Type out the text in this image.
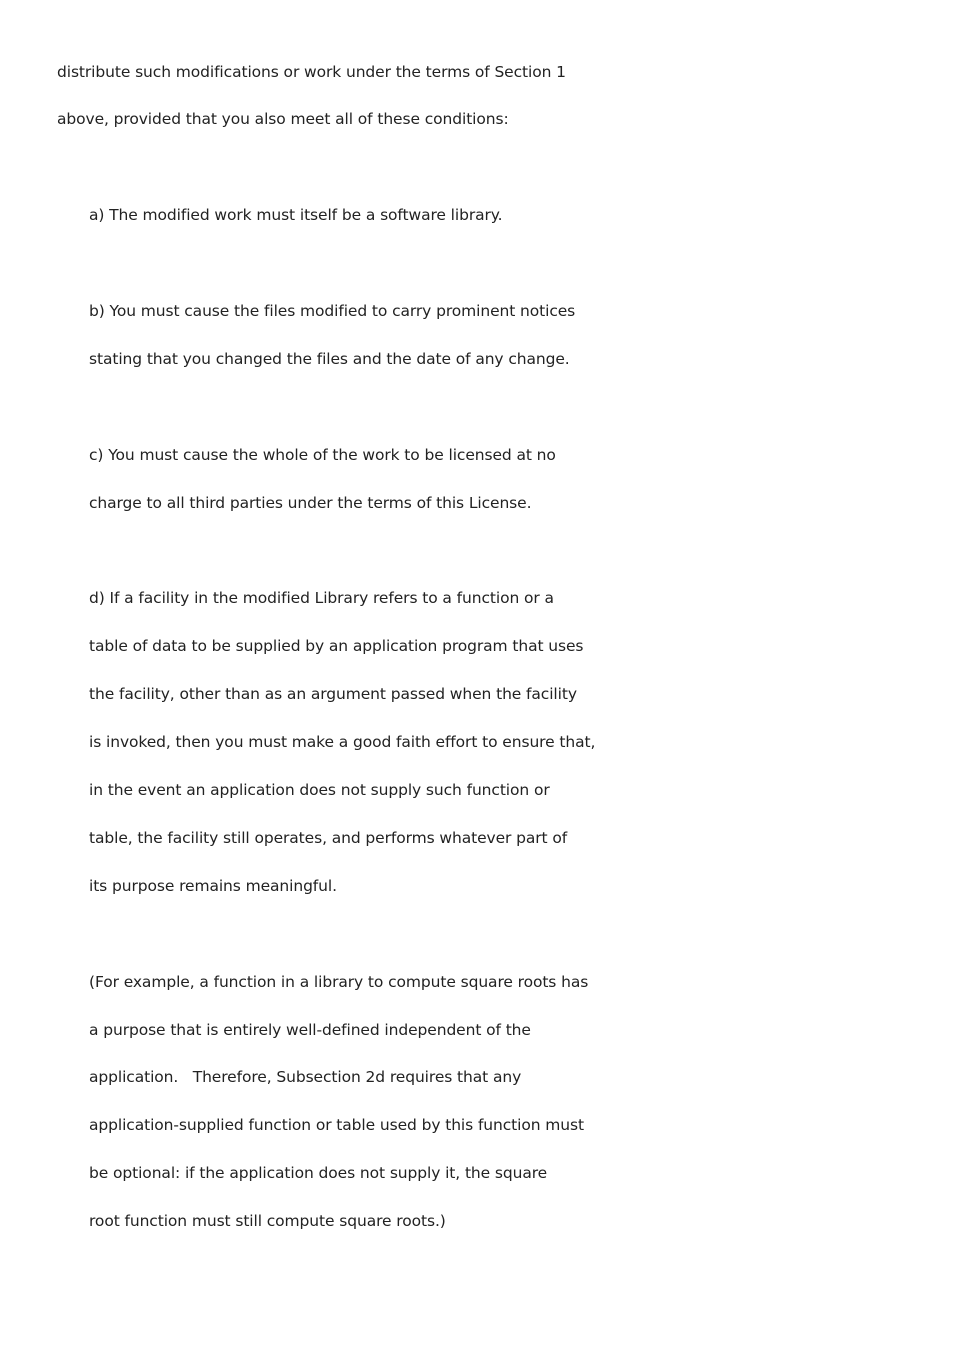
distribute such modifications or work under the terms of Section 1
above, provided that you also meet all of these conditions:
a) The modified work must itself be a software library.
b) You must cause the files modified to carry prominent notices
stating that you changed the files and the date of any change.
c) You must cause the whole of the work to be licensed at no
charge to all third parties under the terms of this License.
d) If a facility in the modified Library refers to a function or a
table of data to be supplied by an application program that uses
the facility, other than as an argument passed when the facility
is invoked, then you must make a good faith effort to ensure that,
in the event an application does not supply such function or
table, the facility still operates, and performs whatever part of
its purpose remains meaningful.
(For example, a function in a library to compute square roots has
a purpose that is entirely well-defined independent of the
application.   Therefore, Subsection 2d requires that any
application-supplied function or table used by this function must
be optional: if the application does not supply it, the square
root function must still compute square roots.)
